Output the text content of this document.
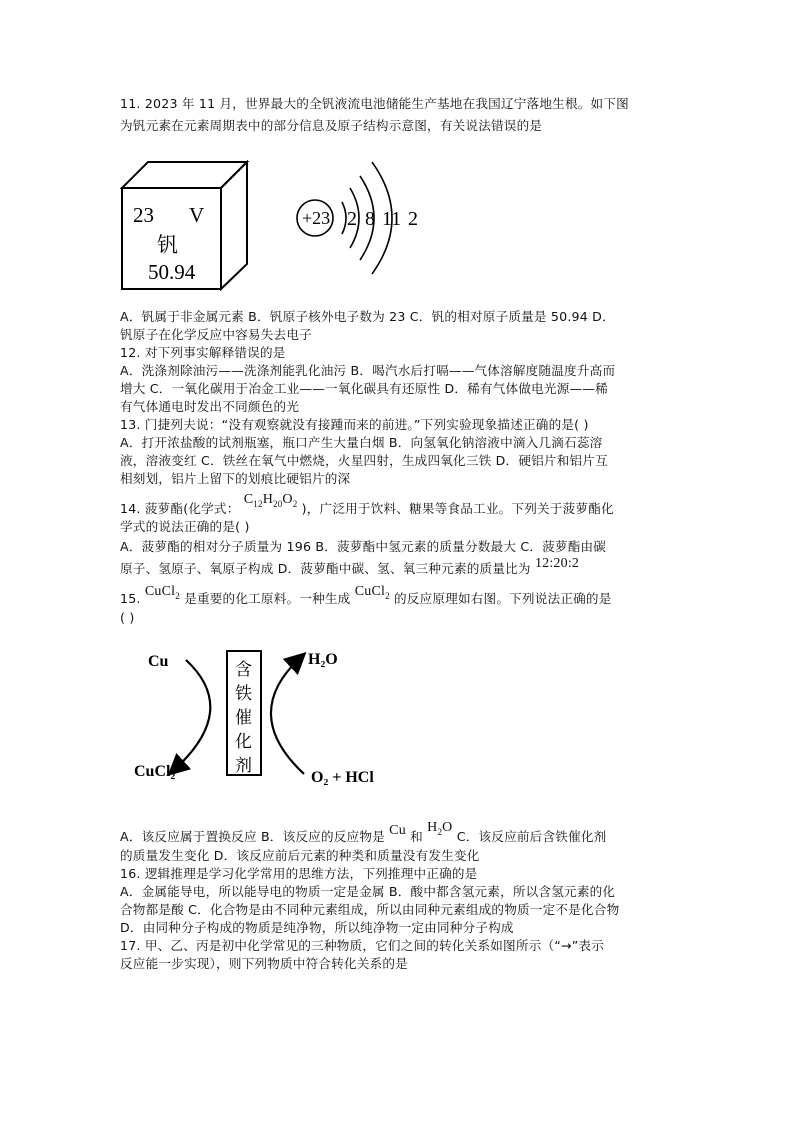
11. 2023 年 11 月，世界最大的全钒液流电池储能生产基地在我国辽宁落地生根。如下图
为钒元素在元素周期表中的部分信息及原子结构示意图，有关说法错误的是
23 V
钒
50.94
+23 2 8 11 2
A．钒属于非金属元素 B．钒原子核外电子数为 23 C．钒的相对原子质量是 50.94 D．
钒原子在化学反应中容易失去电子
12. 对下列事实解释错误的是
A．洗涤剂除油污——洗涤剂能乳化油污 B．喝汽水后打嗝——气体溶解度随温度升高而
增大 C．一氧化碳用于冶金工业——一氧化碳具有还原性 D．稀有气体做电光源——稀
有气体通电时发出不同颜色的光
13. 门捷列夫说：“没有观察就没有接踵而来的前进。”下列实验现象描述正确的是( )
A．打开浓盐酸的试剂瓶塞，瓶口产生大量白烟 B．向氢氧化钠溶液中滴入几滴石蕊溶
液，溶液变红 C．铁丝在氧气中燃烧，火星四射，生成四氧化三铁 D．硬铝片和铝片互
相刻划，铝片上留下的划痕比硬铝片的深
14. 菠萝酯(化学式： $C_{12}H_{20}O_2$ )，广泛用于饮料、糖果等食品工业。下列关于菠萝酯化
学式的说法正确的是( )
A．菠萝酯的相对分子质量为 196 B．菠萝酯中氢元素的质量分数最大 C．菠萝酯由碳
原子、氢原子、氧原子构成 D．菠萝酯中碳、氢、氧三种元素的质量比为 12:20:2
15. CuCl$_2$ 是重要的化工原料。一种生成 CuCl$_2$ 的反应原理如右图。下列说法正确的是
( )
Cu
CuCl₂
H₂O
O₂ + HCl
含
铁
催
化
剂
A．该反应属于置换反应 B．该反应的反应物是 Cu 和 $H_2O$ C．该反应前后含铁催化剂
的质量发生变化 D．该反应前后元素的种类和质量没有发生变化
16. 逻辑推理是学习化学常用的思维方法，下列推理中正确的是
A．金属能导电，所以能导电的物质一定是金属 B．酸中都含氢元素，所以含氢元素的化
合物都是酸 C．化合物是由不同种元素组成，所以由同种元素组成的物质一定不是化合物
D．由同种分子构成的物质是纯净物，所以纯净物一定由同种分子构成
17. 甲、乙、丙是初中化学常见的三种物质，它们之间的转化关系如图所示（“→”表示
反应能一步实现），则下列物质中符合转化关系的是
